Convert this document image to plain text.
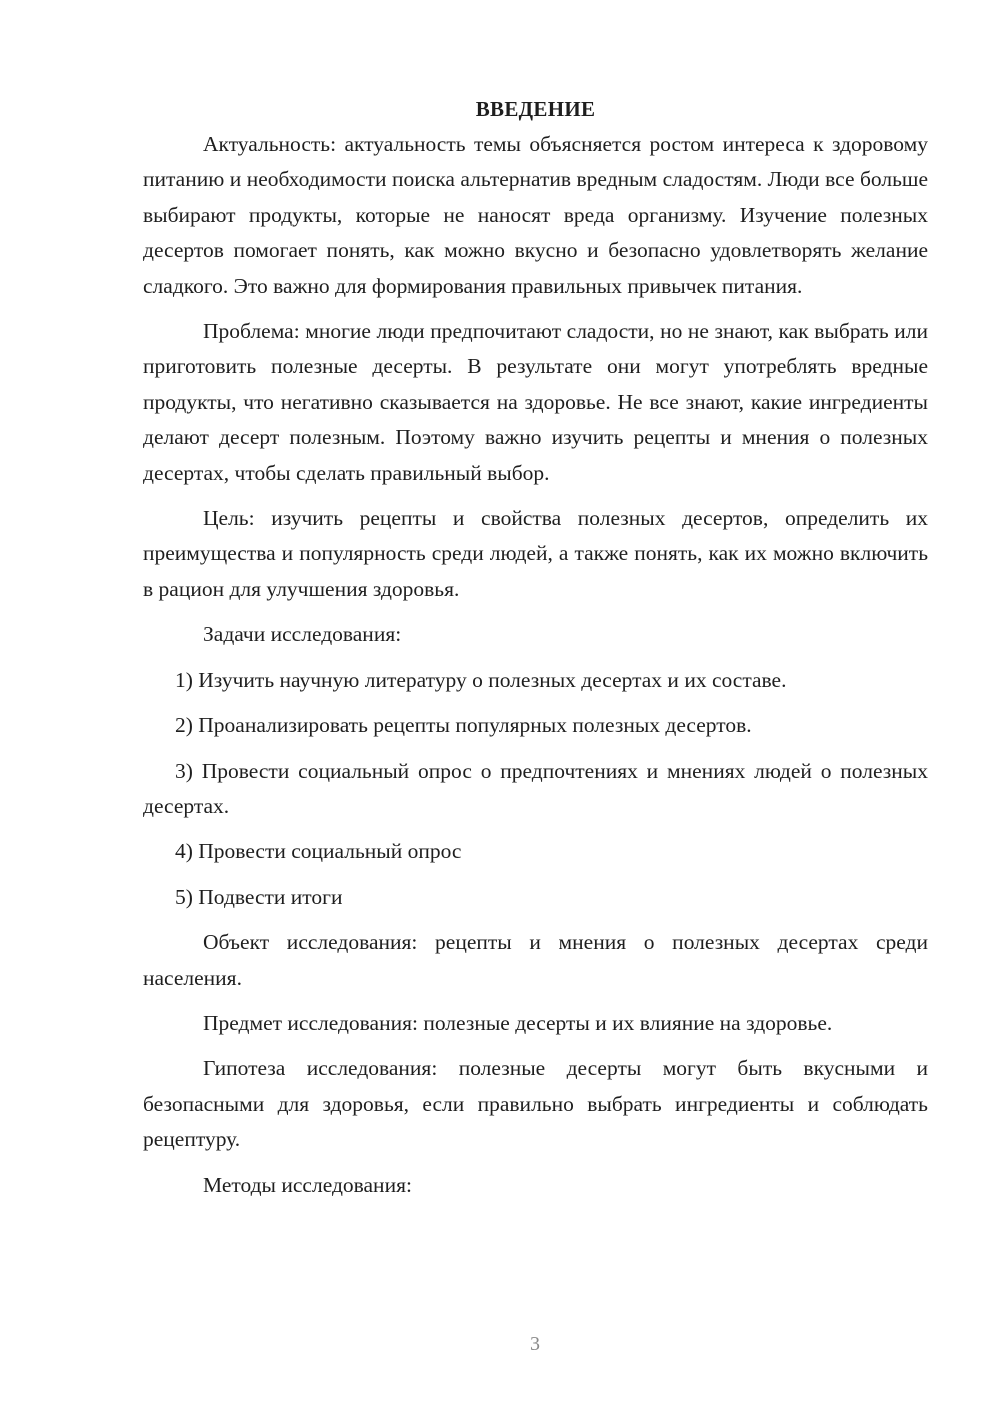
ВВЕДЕНИЕ

Актуальность: актуальность темы объясняется ростом интереса к здоровому питанию и необходимости поиска альтернатив вредным сладостям. Люди все больше выбирают продукты, которые не наносят вреда организму. Изучение полезных десертов помогает понять, как можно вкусно и безопасно удовлетворять желание сладкого. Это важно для формирования правильных привычек питания.

Проблема: многие люди предпочитают сладости, но не знают, как выбрать или приготовить полезные десерты. В результате они могут употреблять вредные продукты, что негативно сказывается на здоровье. Не все знают, какие ингредиенты делают десерт полезным. Поэтому важно изучить рецепты и мнения о полезных десертах, чтобы сделать правильный выбор.

Цель: изучить рецепты и свойства полезных десертов, определить их преимущества и популярность среди людей, а также понять, как их можно включить в рацион для улучшения здоровья.

Задачи исследования:

1) Изучить научную литературу о полезных десертах и их составе.

2) Проанализировать рецепты популярных полезных десертов.

3) Провести социальный опрос о предпочтениях и мнениях людей о полезных десертах.

4) Провести социальный опрос

5) Подвести итоги

Объект исследования: рецепты и мнения о полезных десертах среди населения.

Предмет исследования: полезные десерты и их влияние на здоровье.

Гипотеза исследования: полезные десерты могут быть вкусными и безопасными для здоровья, если правильно выбрать ингредиенты и соблюдать рецептуру.

Методы исследования:

3
